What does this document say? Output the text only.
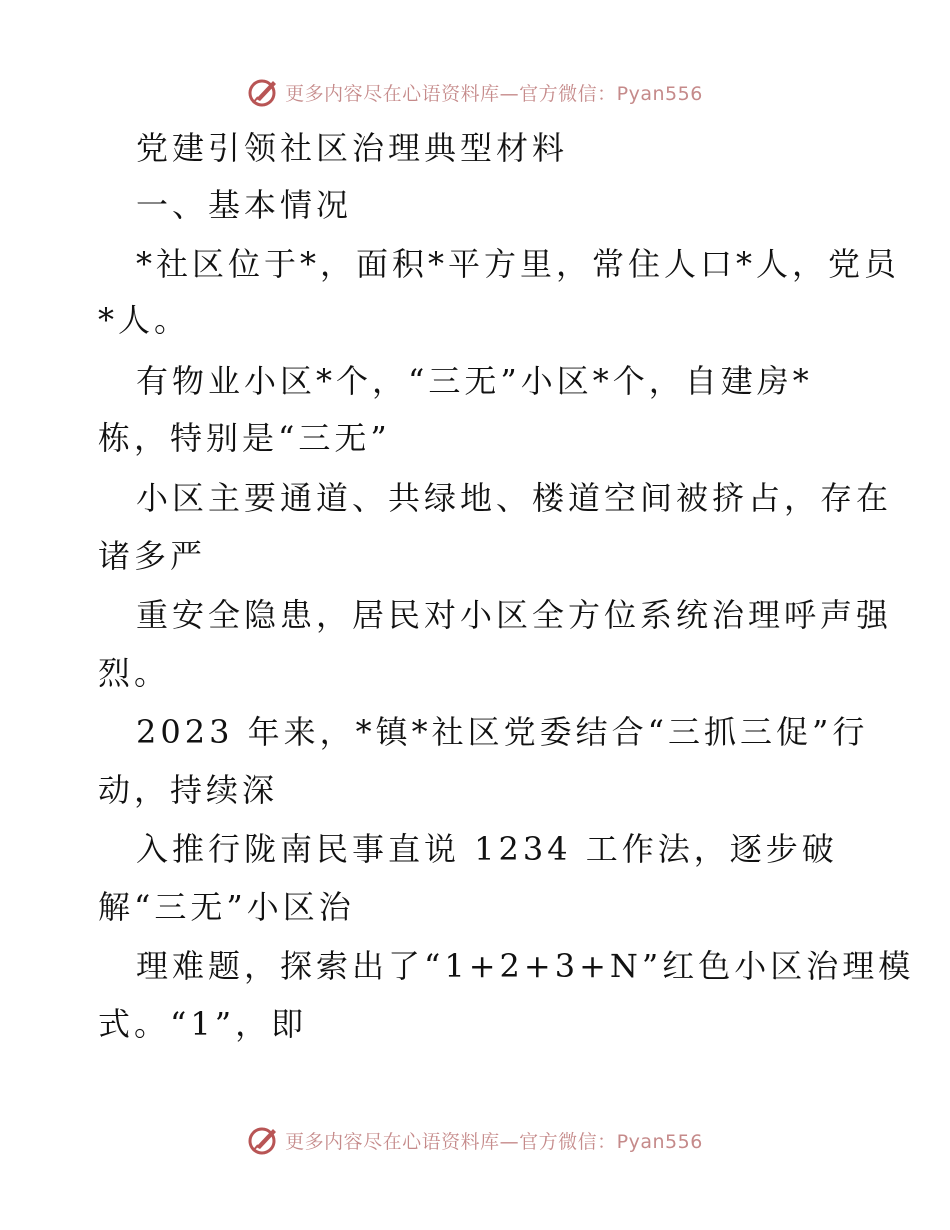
更多内容尽在心语资料库—官方微信：Pyan556
党建引领社区治理典型材料
一、基本情况
*社区位于*，面积*平方里，常住人口*人，党员
*人。
有物业小区*个，“三无”小区*个，自建房*
栋，特别是“三无”
小区主要通道、共绿地、楼道空间被挤占，存在
诸多严
重安全隐患，居民对小区全方位系统治理呼声强
烈。
2023 年来，*镇*社区党委结合“三抓三促”行
动，持续深
入推行陇南民事直说 1234 工作法，逐步破
解“三无”小区治
理难题，探索出了“1+2+3+N”红色小区治理模
式。“1”，即
更多内容尽在心语资料库—官方微信：Pyan556
